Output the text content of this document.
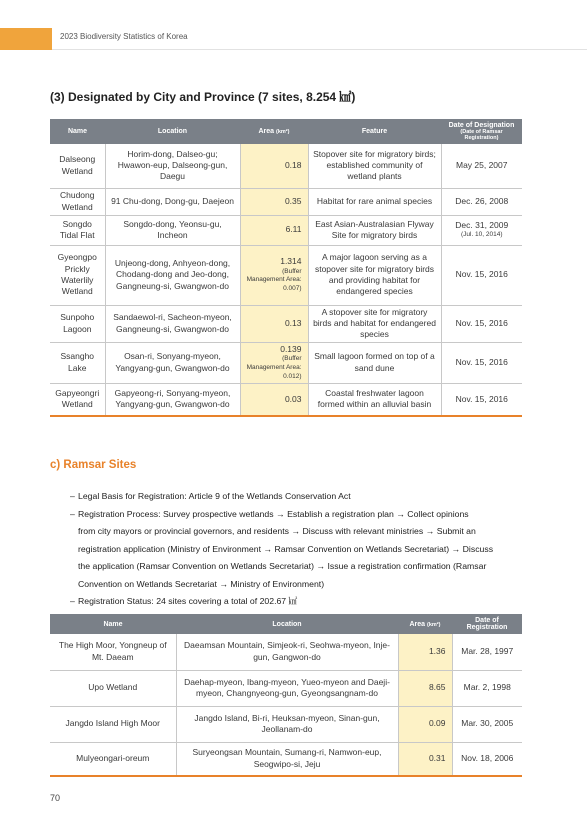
2023 Biodiversity Statistics of Korea
(3) Designated by City and Province (7 sites, 8.254 ㎢)
Name	Location	Area (km²)	Feature	Date of Designation
(Date of Ramsar Registration)

Dalseong Wetland	Horim-dong, Dalseo-gu; Hwawon-eup, Dalseong-gun, Daegu	0.18	Stopover site for migratory birds; established community of wetland plants	May 25, 2007
Chudong Wetland	91 Chu-dong, Dong-gu, Daejeon	0.35	Habitat for rare animal species	Dec. 26, 2008
Songdo Tidal Flat	Songdo-dong, Yeonsu-gu, Incheon	6.11	East Asian-Australasian Flyway Site for migratory birds	Dec. 31, 2009
(Jul. 10, 2014)

Gyeongpo Prickly Waterlily Wetland	Unjeong-dong, Anhyeon-dong, Chodang-dong and Jeo-dong, Gangneung-si, Gwangwon-do	1.314
(Buffer Management Area: 0.007)	A major lagoon serving as a stopover site for migratory birds and providing habitat for endangered species	Nov. 15, 2016
Sunpoho Lagoon	Sandaewol-ri, Sacheon-myeon, Gangneung-si, Gwangwon-do	0.13	A stopover site for migratory birds and habitat for endangered species	Nov. 15, 2016
Ssangho Lake	Osan-ri, Sonyang-myeon, Yangyang-gun, Gwangwon-do	0.139
(Buffer Management Area: 0.012)	Small lagoon formed on top of a sand dune	Nov. 15, 2016
Gapyeongri Wetland	Gapyeong-ri, Sonyang-myeon, Yangyang-gun, Gwangwon-do	0.03	Coastal freshwater lagoon formed within an alluvial basin	Nov. 15, 2016
c) Ramsar Sites
– Legal Basis for Registration: Article 9 of the Wetlands Conservation Act
– Registration Process: Survey prospective wetlands → Establish a registration plan → Collect opinions
from city mayors or provincial governors, and residents → Discuss with relevant ministries → Submit an
registration application (Ministry of Environment → Ramsar Convention on Wetlands Secretariat) → Discuss
the application (Ramsar Convention on Wetlands Secretariat) → Issue a registration confirmation (Ramsar
Convention on Wetlands Secretariat → Ministry of Environment)
– Registration Status: 24 sites covering a total of 202.67 ㎢
Name	Location	Area (km²)	Date of Registration
The High Moor, Yongneup of Mt. Daeam	Daeamsan Mountain, Simjeok-ri, Seohwa-myeon, Inje-gun, Gangwon-do	1.36	Mar. 28, 1997
Upo Wetland	Daehap-myeon, Ibang-myeon, Yueo-myeon and Daeji-myeon, Changnyeong-gun, Gyeongsangnam-do	8.65	Mar. 2, 1998
Jangdo Island High Moor	Jangdo Island, Bi-ri, Heuksan-myeon, Sinan-gun, Jeollanam-do	0.09	Mar. 30, 2005
Mulyeongari-oreum	Suryeongsan Mountain, Sumang-ri, Namwon-eup, Seogwipo-si, Jeju	0.31	Nov. 18, 2006
70
